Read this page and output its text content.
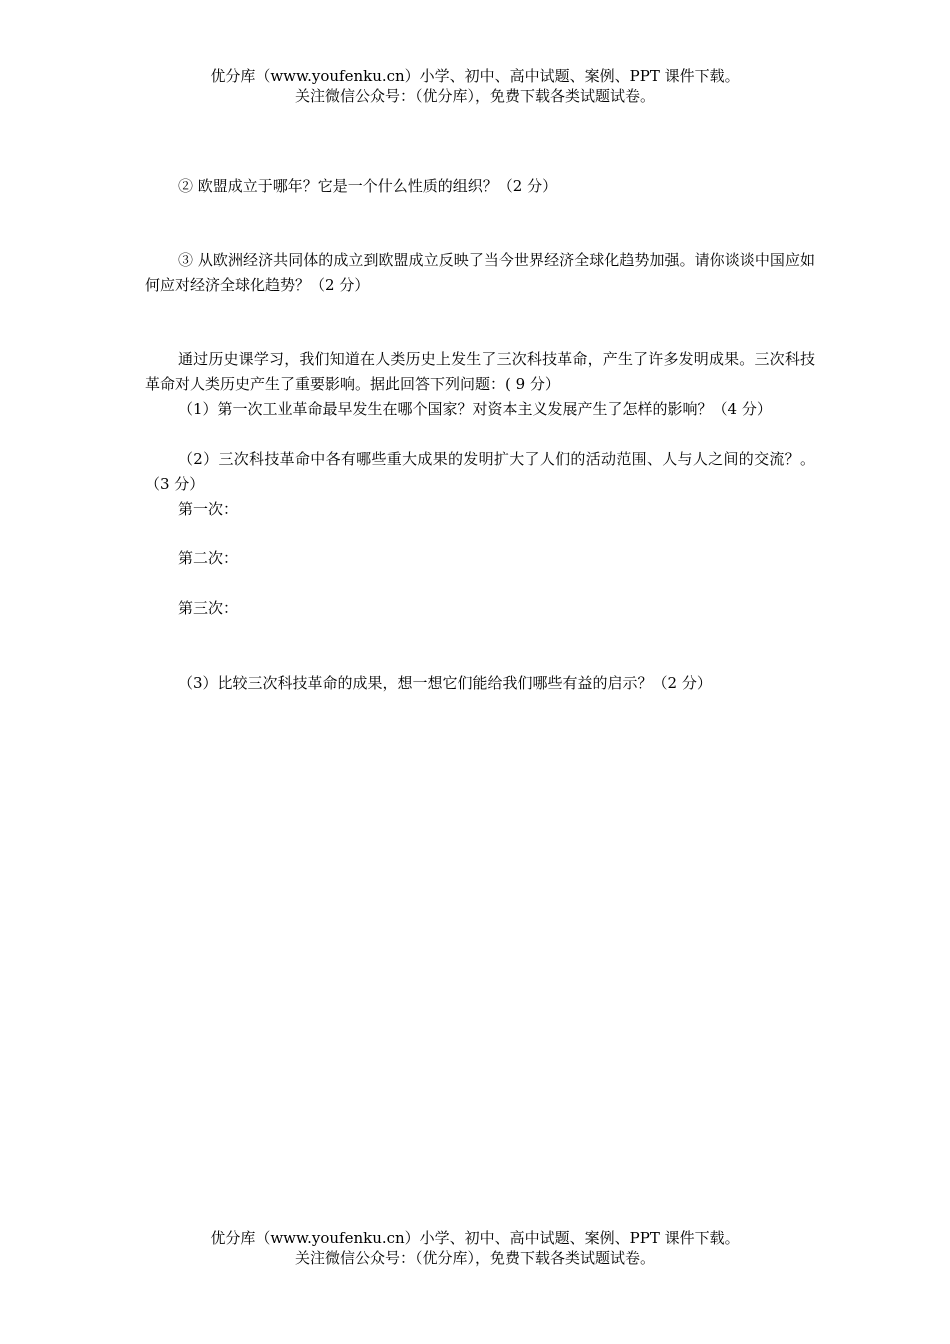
优分库（www.youfenku.cn）小学、初中、高中试题、案例、PPT 课件下载。
关注微信公众号：（优分库），免费下载各类试题试卷。
② 欧盟成立于哪年？它是一个什么性质的组织？（2 分）
③ 从欧洲经济共同体的成立到欧盟成立反映了当今世界经济全球化趋势加强。请你谈谈中国应如何应对经济全球化趋势？（2 分）
通过历史课学习，我们知道在人类历史上发生了三次科技革命，产生了许多发明成果。三次科技革命对人类历史产生了重要影响。据此回答下列问题：( 9 分）
（1）第一次工业革命最早发生在哪个国家？对资本主义发展产生了怎样的影响？（4 分）
（2）三次科技革命中各有哪些重大成果的发明扩大了人们的活动范围、人与人之间的交流？。（3 分）
第一次：
第二次：
第三次：
（3）比较三次科技革命的成果，想一想它们能给我们哪些有益的启示？（2 分）
优分库（www.youfenku.cn）小学、初中、高中试题、案例、PPT 课件下载。
关注微信公众号：（优分库），免费下载各类试题试卷。
